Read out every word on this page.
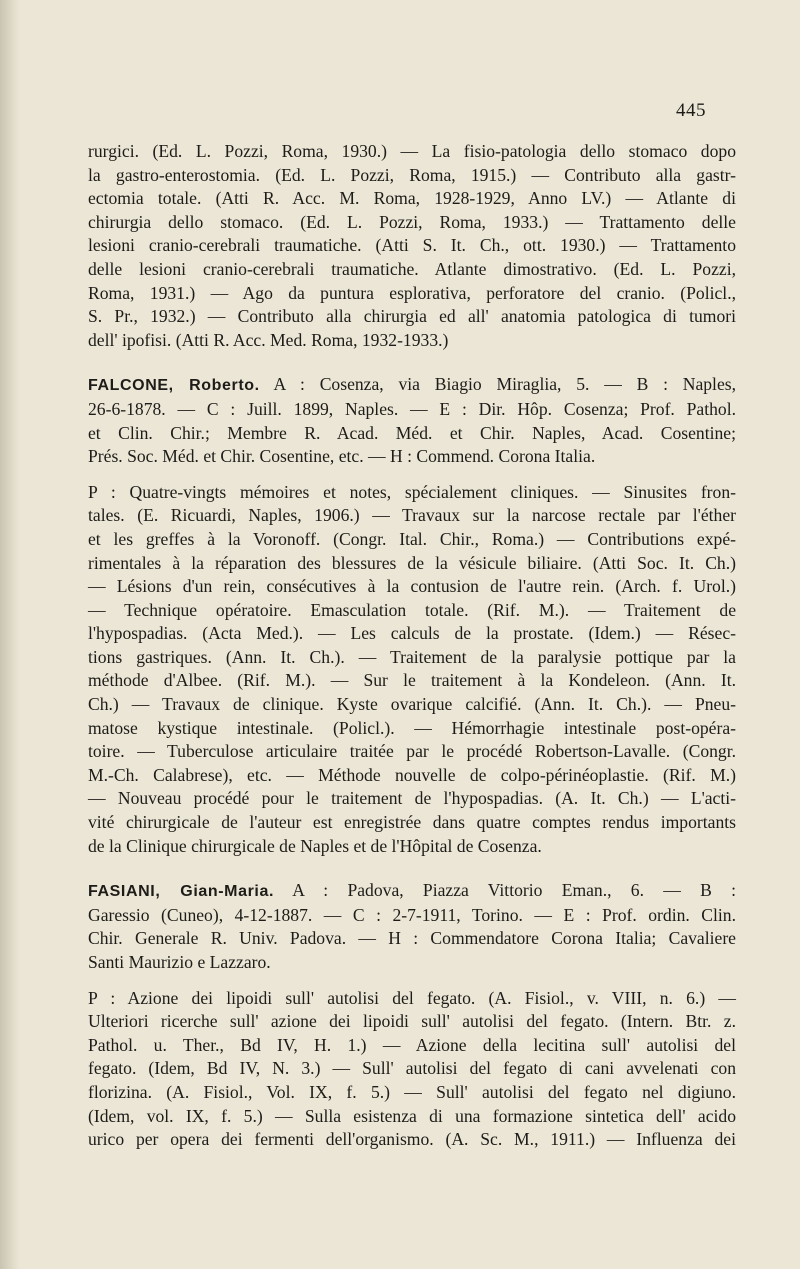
445
rurgici. (Ed. L. Pozzi, Roma, 1930.) — La fisio-patologia dello stomaco dopo
la gastro-enterostomia. (Ed. L. Pozzi, Roma, 1915.) — Contributo alla gastr-
ectomia totale. (Atti R. Acc. M. Roma, 1928-1929, Anno LV.) — Atlante di
chirurgia dello stomaco. (Ed. L. Pozzi, Roma, 1933.) — Trattamento delle
lesioni cranio-cerebrali traumatiche. (Atti S. It. Ch., ott. 1930.) — Trattamento
delle lesioni cranio-cerebrali traumatiche. Atlante dimostrativo. (Ed. L. Pozzi,
Roma, 1931.) — Ago da puntura esplorativa, perforatore del cranio. (Policl.,
S. Pr., 1932.) — Contributo alla chirurgia ed all' anatomia patologica di tumori
dell' ipofisi. (Atti R. Acc. Med. Roma, 1932-1933.)
FALCONE, Roberto. A : Cosenza, via Biagio Miraglia, 5. — B : Naples,
26-6-1878. — C : Juill. 1899, Naples. — E : Dir. Hôp. Cosenza; Prof. Pathol.
et Clin. Chir.; Membre R. Acad. Méd. et Chir. Naples, Acad. Cosentine;
Prés. Soc. Méd. et Chir. Cosentine, etc. — H : Commend. Corona Italia.
P : Quatre-vingts mémoires et notes, spécialement cliniques. — Sinusites fron-
tales. (E. Ricuardi, Naples, 1906.) — Travaux sur la narcose rectale par l'éther
et les greffes à la Voronoff. (Congr. Ital. Chir., Roma.) — Contributions expé-
rimentales à la réparation des blessures de la vésicule biliaire. (Atti Soc. It. Ch.)
— Lésions d'un rein, consécutives à la contusion de l'autre rein. (Arch. f. Urol.)
— Technique opératoire. Emasculation totale. (Rif. M.). — Traitement de
l'hypospadias. (Acta Med.). — Les calculs de la prostate. (Idem.) — Résec-
tions gastriques. (Ann. It. Ch.). — Traitement de la paralysie pottique par la
méthode d'Albee. (Rif. M.). — Sur le traitement à la Kondeleon. (Ann. It.
Ch.) — Travaux de clinique. Kyste ovarique calcifié. (Ann. It. Ch.). — Pneu-
matose kystique intestinale. (Policl.). — Hémorrhagie intestinale post-opéra-
toire. — Tuberculose articulaire traitée par le procédé Robertson-Lavalle. (Congr.
M.-Ch. Calabrese), etc. — Méthode nouvelle de colpo-périnéoplastie. (Rif. M.)
— Nouveau procédé pour le traitement de l'hypospadias. (A. It. Ch.) — L'acti-
vité chirurgicale de l'auteur est enregistrée dans quatre comptes rendus importants
de la Clinique chirurgicale de Naples et de l'Hôpital de Cosenza.
FASIANI, Gian-Maria. A : Padova, Piazza Vittorio Eman., 6. — B :
Garessio (Cuneo), 4-12-1887. — C : 2-7-1911, Torino. — E : Prof. ordin. Clin.
Chir. Generale R. Univ. Padova. — H : Commendatore Corona Italia; Cavaliere
Santi Maurizio e Lazzaro.
P : Azione dei lipoidi sull' autolisi del fegato. (A. Fisiol., v. VIII, n. 6.) —
Ulteriori ricerche sull' azione dei lipoidi sull' autolisi del fegato. (Intern. Btr. z.
Pathol. u. Ther., Bd IV, H. 1.) — Azione della lecitina sull' autolisi del
fegato. (Idem, Bd IV, N. 3.) — Sull' autolisi del fegato di cani avvelenati con
florizina. (A. Fisiol., Vol. IX, f. 5.) — Sull' autolisi del fegato nel digiuno.
(Idem, vol. IX, f. 5.) — Sulla esistenza di una formazione sintetica dell' acido
urico per opera dei fermenti dell'organismo. (A. Sc. M., 1911.) — Influenza dei
